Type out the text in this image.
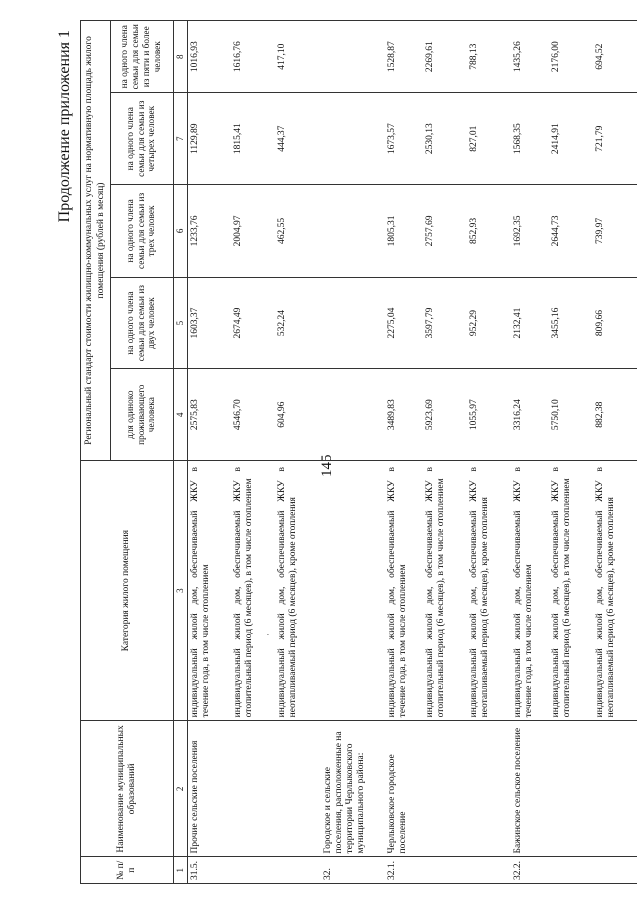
145
·
Продолжение приложения 1
№ п/п	Наименование муниципальных образований	Категория жилого помещения	Региональный стандарт стоимости жилищно-коммунальных услуг на нормативную площадь жилого помещения (рублей в месяц)				
			для одиноко проживающего человека	на одного члена семьи для семьи из двух человек	на одного члена семьи для семьи из трех человек	на одного члена семьи для семьи из четырех человек	на одного члена семьи для семьи из пяти и более человек
1	2	3	4	5	6	7	8
31.5.	Прочие сельские поселения	индивидуальный жилой дом, обеспечиваемый ЖКУ в течение года, в том числе отоплением	2575,83	1603,37	1233,76	1129,89	1016,93
		индивидуальный жилой дом, обеспечиваемый ЖКУ в отопительный период (6 месяцев), в том числе отоплением	4546,70	2674,49	2004,97	1815,41	1616,76
		индивидуальный жилой дом, обеспечиваемый ЖКУ в неотапливаемый период (6 месяцев), кроме отопления	604,96	532,24	462,55	444,37	417,10
32.	Городское и сельские поселения, расположенные на территории Черлыковского муниципального района:						
32.1.	Черлыковское городское поселение	индивидуальный жилой дом, обеспечиваемый ЖКУ в течение года, в том числе отоплением	3489,83	2275,04	1805,31	1673,57	1528,87
		индивидуальный жилой дом, обеспечиваемый ЖКУ в отопительный период (6 месяцев), в том числе отоплением	5923,69	3597,79	2757,69	2530,13	2269,61
		индивидуальный жилой дом, обеспечиваемый ЖКУ в неотапливаемый период (6 месяцев), кроме отопления	1055,97	952,29	852,93	827,01	788,13
32.2.	Бажинское сельское поселение	индивидуальный жилой дом, обеспечиваемый ЖКУ в течение года, в том числе отоплением	3316,24	2132,41	1692,35	1568,35	1435,26
		индивидуальный жилой дом, обеспечиваемый ЖКУ в отопительный период (6 месяцев), в том числе отоплением	5750,10	3455,16	2644,73	2414,91	2176,00
		индивидуальный жилой дом, обеспечиваемый ЖКУ в неотапливаемый период (6 месяцев), кроме отопления	882,38	809,66	739,97	721,79	694,52
